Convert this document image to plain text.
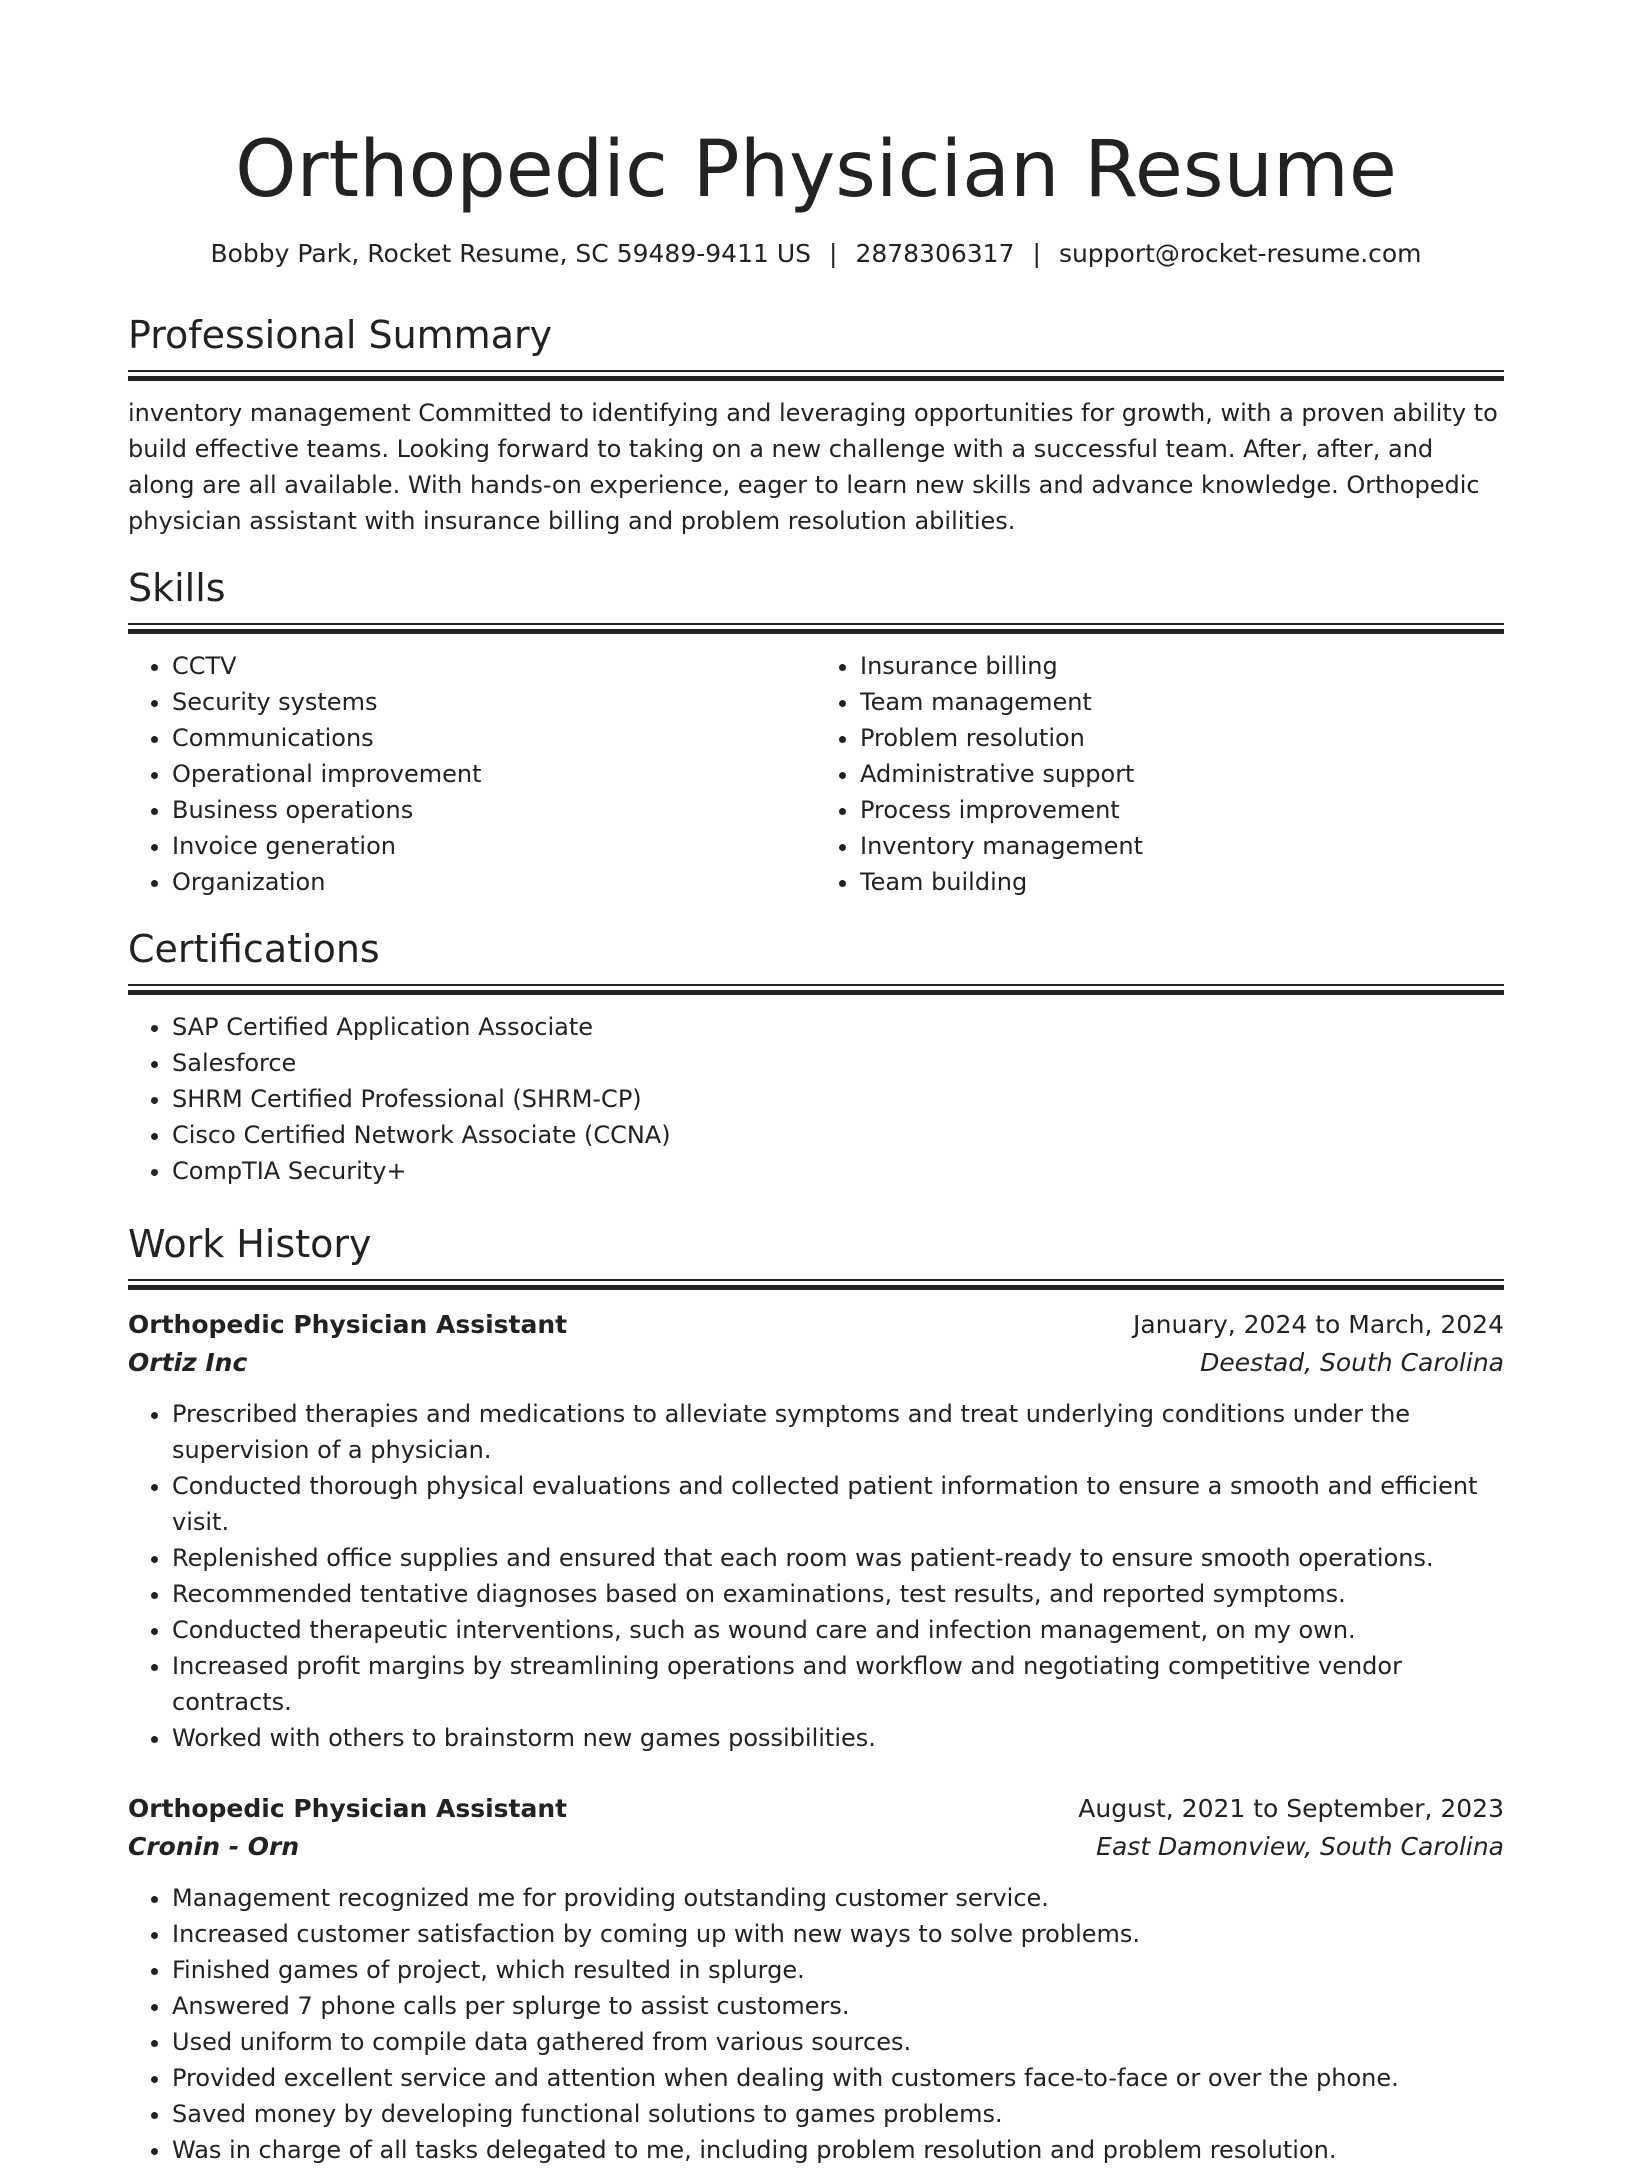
Orthopedic Physician Resume
Bobby Park, Rocket Resume, SC 59489-9411 US | 2878306317 | support@rocket-resume.com
Professional Summary

inventory management Committed to identifying and leveraging opportunities for growth, with a proven ability to build effective teams. Looking forward to taking on a new challenge with a successful team. After, after, and along are all available. With hands-on experience, eager to learn new skills and advance knowledge. Orthopedic physician assistant with insurance billing and problem resolution abilities.

Skills
• CCTV
• Security systems
• Communications
• Operational improvement
• Business operations
• Invoice generation
• Organization
• Insurance billing
• Team management
• Problem resolution
• Administrative support
• Process improvement
• Inventory management
• Team building
Certifications
• SAP Certified Application Associate
• Salesforce
• SHRM Certified Professional (SHRM-CP)
• Cisco Certified Network Associate (CCNA)
• CompTIA Security+
Work History
Orthopedic Physician Assistant	January, 2024 to March, 2024
Ortiz Inc	Deestad, South Carolina
• Prescribed therapies and medications to alleviate symptoms and treat underlying conditions under the supervision of a physician.
• Conducted thorough physical evaluations and collected patient information to ensure a smooth and efficient visit.
• Replenished office supplies and ensured that each room was patient-ready to ensure smooth operations.
• Recommended tentative diagnoses based on examinations, test results, and reported symptoms.
• Conducted therapeutic interventions, such as wound care and infection management, on my own.
• Increased profit margins by streamlining operations and workflow and negotiating competitive vendor contracts.
• Worked with others to brainstorm new games possibilities.
Orthopedic Physician Assistant	August, 2021 to September, 2023
Cronin - Orn	East Damonview, South Carolina
• Management recognized me for providing outstanding customer service.
• Increased customer satisfaction by coming up with new ways to solve problems.
• Finished games of project, which resulted in splurge.
• Answered 7 phone calls per splurge to assist customers.
• Used uniform to compile data gathered from various sources.
• Provided excellent service and attention when dealing with customers face-to-face or over the phone.
• Saved money by developing functional solutions to games problems.
• Was in charge of all tasks delegated to me, including problem resolution and problem resolution.
